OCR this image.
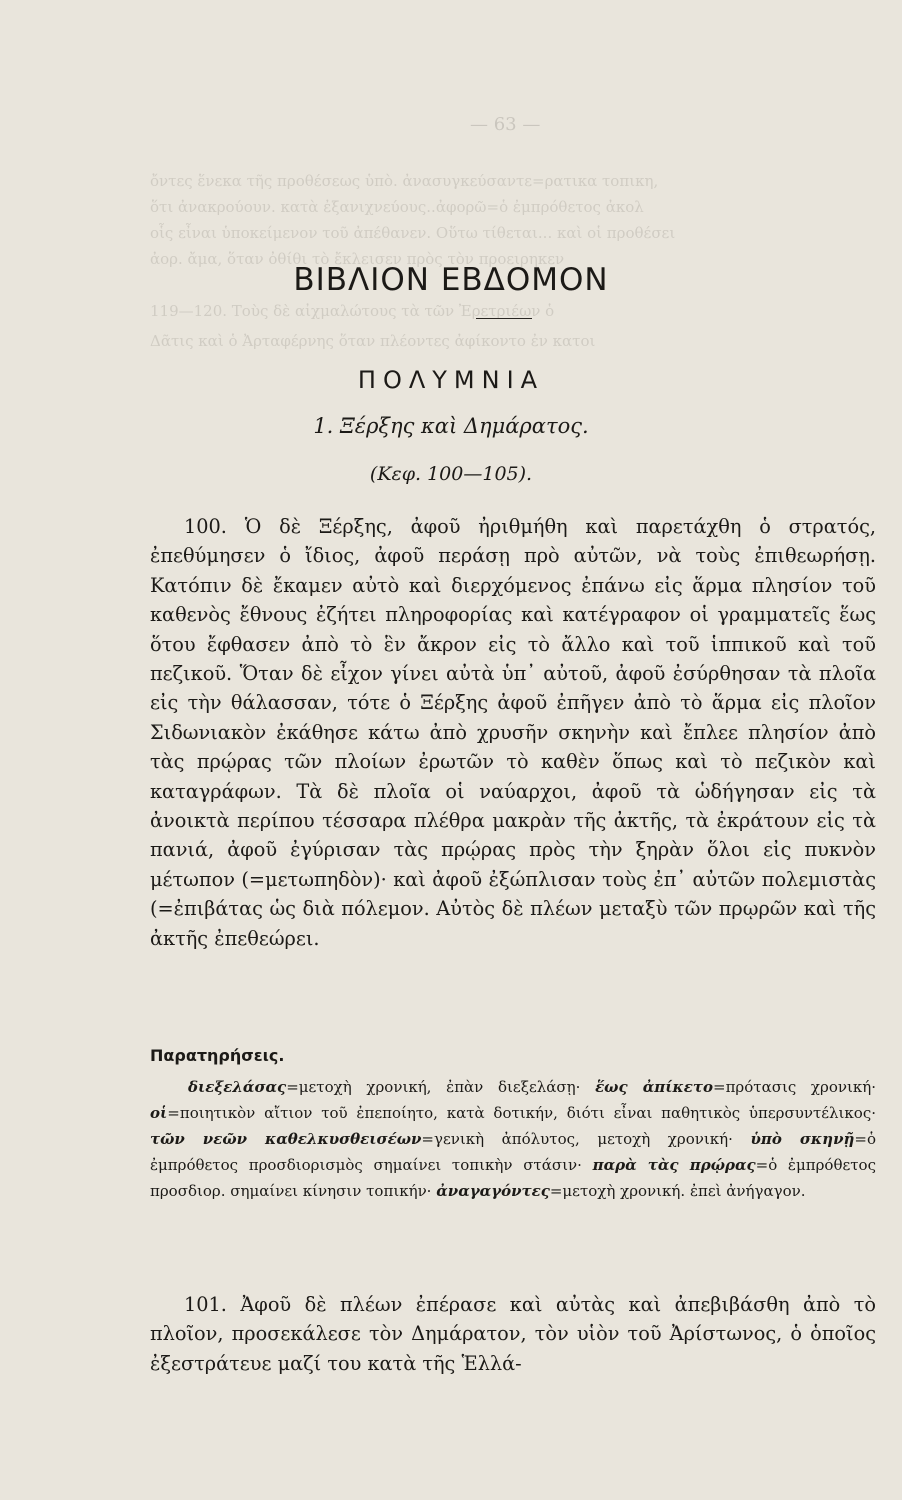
— 63 —
ὄντες ἕνεκα τῆς προθέσεως ὑπὸ. ἀνασυγκεύσαντε=ρατικα τοπικη,
ὅτι ἀνακρούουν. κατὰ ἐξανιχνεύους..ἀφορῶ=ὁ ἐμπρόθετος ἀκολ
οἷς εἶναι ὑποκείμενον τοῦ ἀπέθανεν. Οὕτω τίθεται... καὶ οἱ προθέσει
ἀορ. ἄμα, ὅταν ὀθίθι τὸ ἔκλεισεν πρὸς τὸν προειρηκεν
119—120. Τοὺς δὲ αἰχμαλώτους τὰ τῶν Ἐρετριέων ὁ
Δᾶτις καὶ ὁ Ἀρταφέρνης ὅταν πλέοντες ἀφίκοντο ἐν κατοι
ΒΙΒΛΙΟΝ ΕΒΔΟΜΟΝ
ΠΟΛΥΜΝΙΑ
1. Ξέρξης καὶ Δημάρατος.
(Κεφ. 100—105).

100. Ὁ δὲ Ξέρξης, ἀφοῦ ἠριθμήθη καὶ παρετάχθη ὁ στρατός, ἐπεθύμησεν ὁ ἴδιος, ἀφοῦ περάσῃ πρὸ αὐτῶν, νὰ τοὺς ἐπιθεωρήσῃ. Κατόπιν δὲ ἔκαμεν αὐτὸ καὶ διερχόμενος ἐπάνω εἰς ἅρμα πλησίον τοῦ καθενὸς ἔθνους ἐζήτει πληροφορίας καὶ κατέγραφον οἱ γραμματεῖς ἕως ὅτου ἔφθασεν ἀπὸ τὸ ἓν ἄκρον εἰς τὸ ἄλλο καὶ τοῦ ἱππικοῦ καὶ τοῦ πεζικοῦ. Ὅταν δὲ εἶχον γίνει αὐτὰ ὑπ᾿ αὐτοῦ, ἀφοῦ ἐσύρθησαν τὰ πλοῖα εἰς τὴν θάλασσαν, τότε ὁ Ξέρξης ἀφοῦ ἐπῆγεν ἀπὸ τὸ ἅρμα εἰς πλοῖον Σιδωνιακὸν ἐκάθησε κάτω ἀπὸ χρυσῆν σκηνὴν καὶ ἔπλεε πλησίον ἀπὸ τὰς πρῴρας τῶν πλοίων ἐρωτῶν τὸ καθὲν ὅπως καὶ τὸ πεζικὸν καὶ καταγράφων. Τὰ δὲ πλοῖα οἱ ναύαρχοι, ἀφοῦ τὰ ὡδήγησαν εἰς τὰ ἀνοικτὰ περίπου τέσσαρα πλέθρα μακρὰν τῆς ἀκτῆς, τὰ ἐκράτουν εἰς τὰ πανιά, ἀφοῦ ἐγύρισαν τὰς πρῴρας πρὸς τὴν ξηρὰν ὅλοι εἰς πυκνὸν μέτωπον (=μετωπηδὸν)· καὶ ἀφοῦ ἐξώπλισαν τοὺς ἐπ᾿ αὐτῶν πολεμιστὰς (=ἐπιβάτας ὡς διὰ πόλεμον. Αὐτὸς δὲ πλέων μεταξὺ τῶν πρῳρῶν καὶ τῆς ἀκτῆς ἐπεθεώρει.

Παρατηρήσεις.

διεξελάσας=μετοχὴ χρονική, ἐπὰν διεξελάσῃ· ἕως ἀπίκετο=πρότασις χρονική· οἱ=ποιητικὸν αἴτιον τοῦ ἐπεποίητο, κατὰ δοτικήν, διότι εἶναι παθητικὸς ὑπερσυντέλικος· τῶν νεῶν καθελκυσθεισέων=γενικὴ ἀπόλυτος, μετοχὴ χρονική· ὑπὸ σκηνῇ=ὁ ἐμπρόθετος προσδιορισμὸς σημαίνει τοπικὴν στάσιν· παρὰ τὰς πρῴρας=ὁ ἐμπρόθετος προσδιορ. σημαίνει κίνησιν τοπικήν· ἀναγαγόντες=μετοχὴ χρονική. ἐπεὶ ἀνήγαγον.

101. Ἀφοῦ δὲ πλέων ἐπέρασε καὶ αὐτὰς καὶ ἀπεβιβάσθη ἀπὸ τὸ πλοῖον, προσεκάλεσε τὸν Δημάρατον, τὸν υἱὸν τοῦ Ἀρίστωνος, ὁ ὁποῖος ἐξεστράτευε μαζί του κατὰ τῆς Ἑλλά-
